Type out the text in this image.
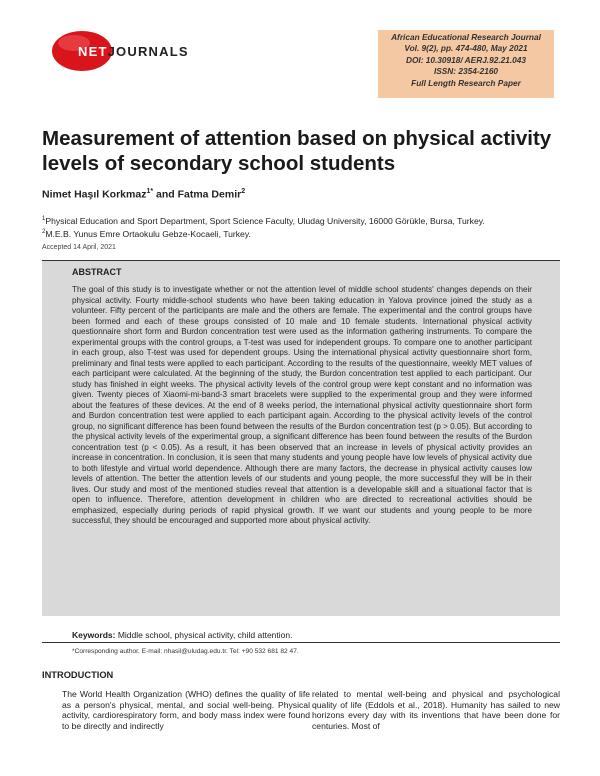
NETJOURNALS
African Educational Research Journal
Vol. 9(2), pp. 474-480, May 2021
DOI: 10.30918/ AERJ.92.21.043
ISSN: 2354-2160
Full Length Research Paper
Measurement of attention based on physical activity levels of secondary school students
Nimet Haşıl Korkmaz$^{1*}$ and Fatma Demir$^2$
$^1$Physical Education and Sport Department, Sport Science Faculty, Uludag University, 16000 Görükle, Bursa, Turkey.
$^2$M.E.B. Yunus Emre Ortaokulu Gebze-Kocaeli, Turkey.
Accepted 14 April, 2021
ABSTRACT
The goal of this study is to investigate whether or not the attention level of middle school students' changes depends on their physical activity. Fourty middle-school students who have been taking education in Yalova province joined the study as a volunteer. Fifty percent of the participants are male and the others are female. The experimental and the control groups have been formed and each of these groups consisted of 10 male and 10 female students. International physical activity questionnaire short form and Burdon concentration test were used as the information gathering instruments. To compare the experimental groups with the control groups, a T-test was used for independent groups. To compare one to another participant in each group, also T-test was used for dependent groups. Using the international physical activity questionnaire short form, preliminary and final tests were applied to each participant. According to the results of the questionnaire, weekly MET values of each participant were calculated. At the beginning of the study, the Burdon concentration test applied to each participant. Our study has finished in eight weeks. The physical activity levels of the control group were kept constant and no information was given. Twenty pieces of Xiaomi-mi-band-3 smart bracelets were supplied to the experimental group and they were informed about the features of these devices. At the end of 8 weeks period, the international physical activity questionnaire short form and Burdon concentration test were applied to each participant again. According to the physical activity levels of the control group, no significant difference has been found between the results of the Burdon concentration test (p > 0.05). But according to the physical activity levels of the experimental group, a significant difference has been found between the results of the Burdon concentration test (p < 0.05). As a result, it has been observed that an increase in levels of physical activity provides an increase in concentration. In conclusion, it is seen that many students and young people have low levels of physical activity due to both lifestyle and virtual world dependence. Although there are many factors, the decrease in physical activity causes low levels of attention. The better the attention levels of our students and young people, the more successful they will be in their lives. Our study and most of the mentioned studies reveal that attention is a developable skill and a situational factor that is open to influence. Therefore, attention development in children who are directed to recreational activities should be emphasized, especially during periods of rapid physical growth. If we want our students and young people to be more successful, they should be encouraged and supported more about physical activity.
Keywords: Middle school, physical activity, child attention.
*Corresponding author. E-mail: nhasil@uludag.edu.tr. Tel: +90 532 681 82 47.
INTRODUCTION
The World Health Organization (WHO) defines the quality of life as a person's physical, mental, and social well-being. Physical activity, cardiorespiratory form, and body mass index were found to be directly and indirectly
related to mental well-being and physical and psychological quality of life (Eddols et al., 2018). Humanity has sailed to new horizons every day with its inventions that have been done for centuries. Most of
